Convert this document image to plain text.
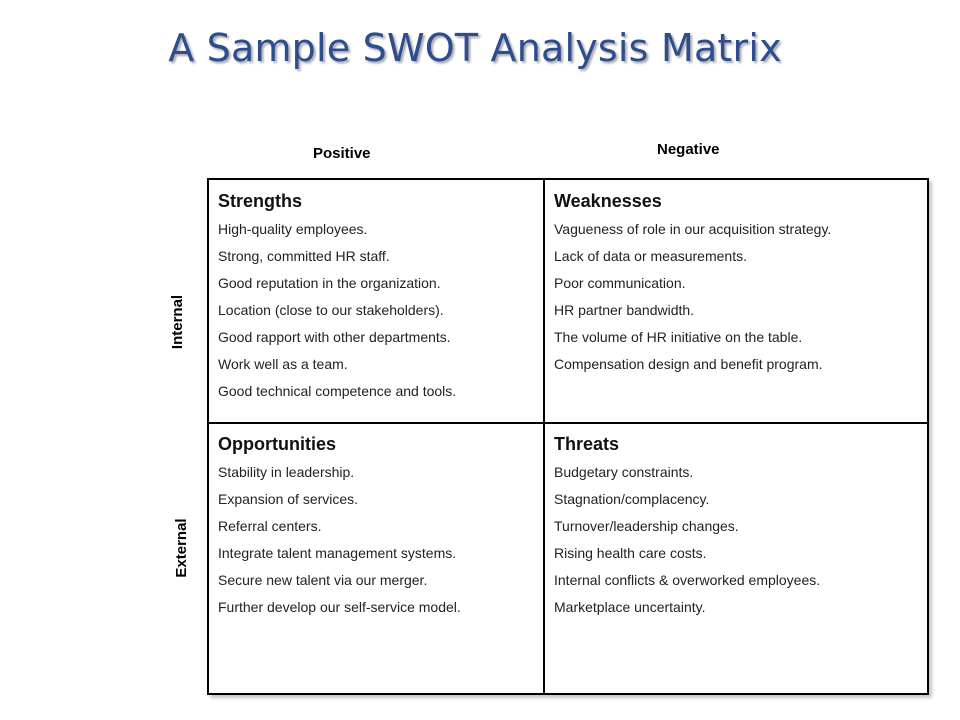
A Sample SWOT Analysis Matrix
Positive	Negative
Internal
External
Strengths
High-quality employees.
Strong, committed HR staff.
Good reputation in the organization.
Location (close to our stakeholders).
Good rapport with other departments.
Work well as a team.
Good technical competence and tools.
Weaknesses
Vagueness of role in our acquisition strategy.
Lack of data or measurements.
Poor communication.
HR partner bandwidth.
The volume of HR initiative on the table.
Compensation design and benefit program.
Opportunities
Stability in leadership.
Expansion of services.
Referral centers.
Integrate talent management systems.
Secure new talent via our merger.
Further develop our self-service model.
Threats
Budgetary constraints.
Stagnation/complacency.
Turnover/leadership changes.
Rising health care costs.
Internal conflicts & overworked employees.
Marketplace uncertainty.
